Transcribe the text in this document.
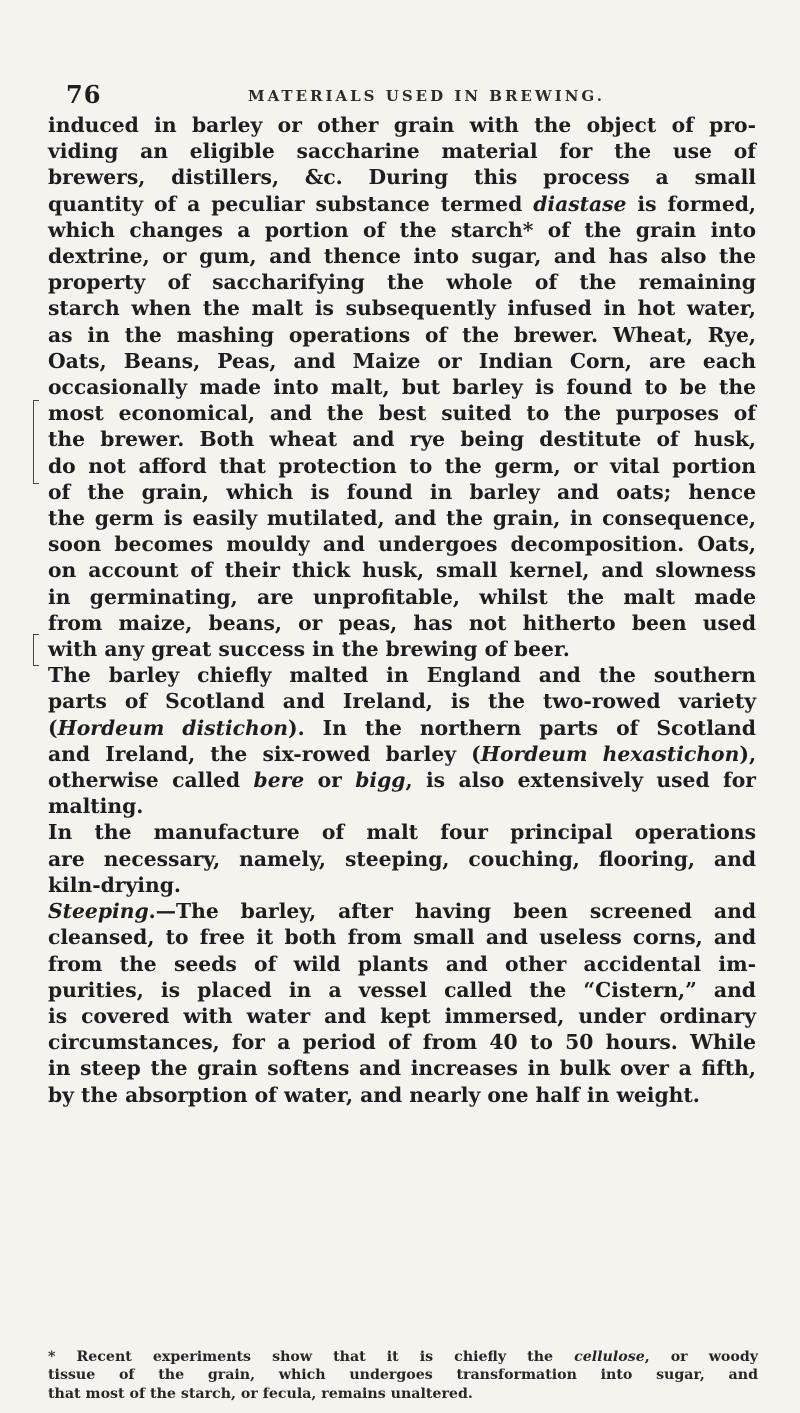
76	MATERIALS USED IN BREWING.

induced in barley or other grain with the object of pro-
viding an eligible saccharine material for the use of
brewers, distillers, &c. During this process a small
quantity of a peculiar substance termed diastase is formed,
which changes a portion of the starch* of the grain into
dextrine, or gum, and thence into sugar, and has also the
property of saccharifying the whole of the remaining
starch when the malt is subsequently infused in hot water,
as in the mashing operations of the brewer. Wheat, Rye,
Oats, Beans, Peas, and Maize or Indian Corn, are each
occasionally made into malt, but barley is found to be the
most economical, and the best suited to the purposes of
the brewer. Both wheat and rye being destitute of husk,
do not afford that protection to the germ, or vital portion
of the grain, which is found in barley and oats; hence
the germ is easily mutilated, and the grain, in consequence,
soon becomes mouldy and undergoes decomposition. Oats,
on account of their thick husk, small kernel, and slowness
in germinating, are unprofitable, whilst the malt made
from maize, beans, or peas, has not hitherto been used
with any great success in the brewing of beer.

The barley chiefly malted in England and the southern
parts of Scotland and Ireland, is the two-rowed variety
(Hordeum distichon). In the northern parts of Scotland
and Ireland, the six-rowed barley (Hordeum hexastichon),
otherwise called bere or bigg, is also extensively used for
malting.

In the manufacture of malt four principal operations
are necessary, namely, steeping, couching, flooring, and
kiln-drying.

Steeping.—The barley, after having been screened and
cleansed, to free it both from small and useless corns, and
from the seeds of wild plants and other accidental im-
purities, is placed in a vessel called the “Cistern,” and
is covered with water and kept immersed, under ordinary
circumstances, for a period of from 40 to 50 hours. While
in steep the grain softens and increases in bulk over a fifth,
by the absorption of water, and nearly one half in weight.

* Recent experiments show that it is chiefly the cellulose, or woody
tissue of the grain, which undergoes transformation into sugar, and
that most of the starch, or fecula, remains unaltered.
